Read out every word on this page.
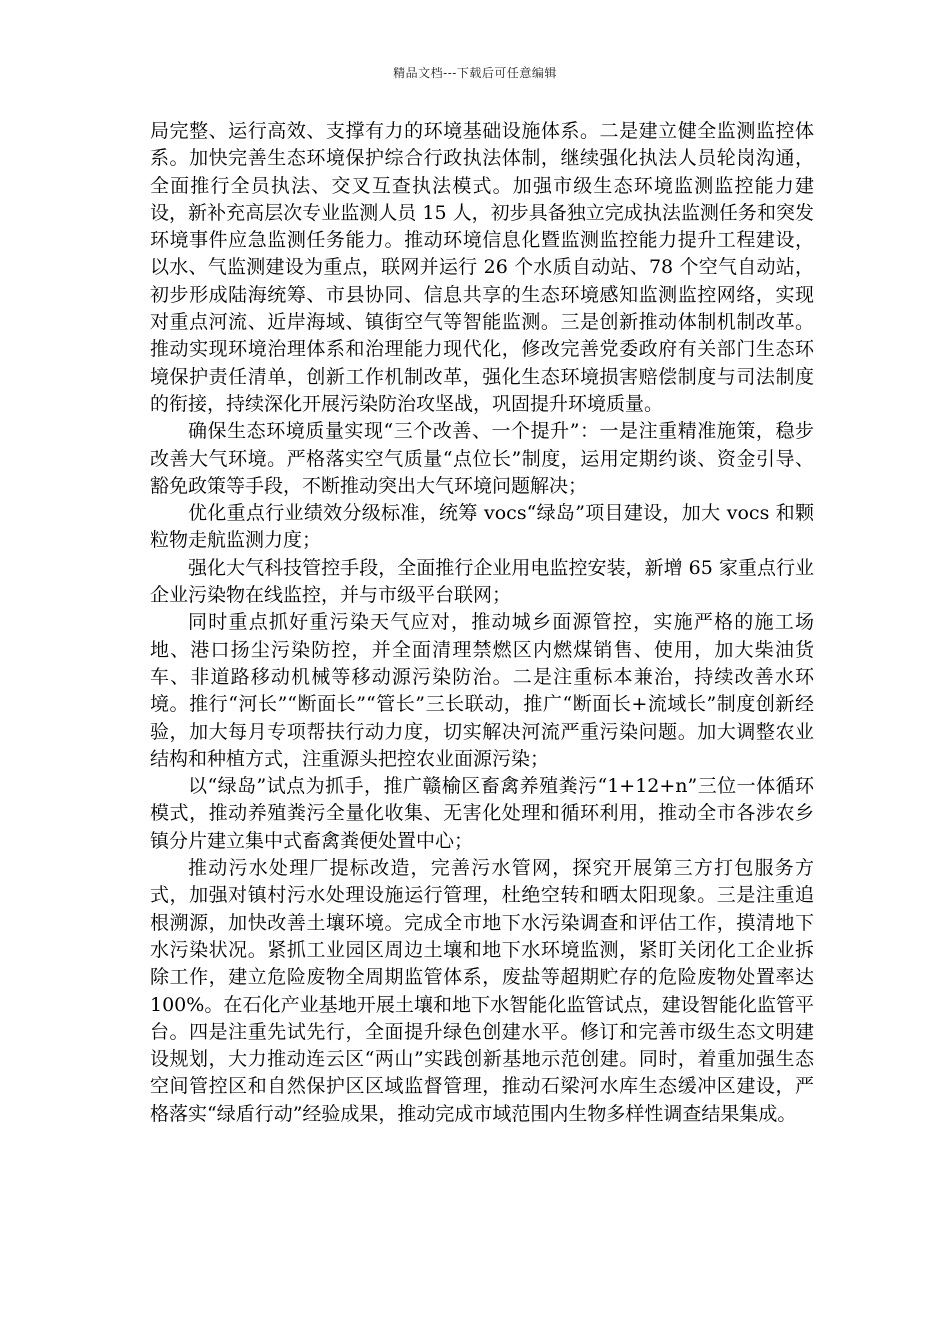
精品文档---下载后可任意编辑

局完整、运行高效、支撑有力的环境基础设施体系。二是建立健全监测监控体系。加快完善生态环境保护综合行政执法体制，继续强化执法人员轮岗沟通，全面推行全员执法、交叉互查执法模式。加强市级生态环境监测监控能力建设，新补充高层次专业监测人员 15 人，初步具备独立完成执法监测任务和突发环境事件应急监测任务能力。推动环境信息化暨监测监控能力提升工程建设，以水、气监测建设为重点，联网并运行 26 个水质自动站、78 个空气自动站，初步形成陆海统筹、市县协同、信息共享的生态环境感知监测监控网络，实现对重点河流、近岸海域、镇街空气等智能监测。三是创新推动体制机制改革。推动实现环境治理体系和治理能力现代化，修改完善党委政府有关部门生态环境保护责任清单，创新工作机制改革，强化生态环境损害赔偿制度与司法制度的衔接，持续深化开展污染防治攻坚战，巩固提升环境质量。

确保生态环境质量实现“三个改善、一个提升”：一是注重精准施策，稳步改善大气环境。严格落实空气质量“点位长”制度，运用定期约谈、资金引导、豁免政策等手段，不断推动突出大气环境问题解决；

优化重点行业绩效分级标准，统筹 vocs“绿岛”项目建设，加大 vocs 和颗粒物走航监测力度；

强化大气科技管控手段，全面推行企业用电监控安装，新增 65 家重点行业企业污染物在线监控，并与市级平台联网；

同时重点抓好重污染天气应对，推动城乡面源管控，实施严格的施工场地、港口扬尘污染防控，并全面清理禁燃区内燃煤销售、使用，加大柴油货车、非道路移动机械等移动源污染防治。二是注重标本兼治，持续改善水环境。推行“河长”“断面长”“管长”三长联动，推广“断面长+流域长”制度创新经验，加大每月专项帮扶行动力度，切实解决河流严重污染问题。加大调整农业结构和种植方式，注重源头把控农业面源污染；

以“绿岛”试点为抓手，推广赣榆区畜禽养殖粪污“1+12+n”三位一体循环模式，推动养殖粪污全量化收集、无害化处理和循环利用，推动全市各涉农乡镇分片建立集中式畜禽粪便处置中心；

推动污水处理厂提标改造，完善污水管网，探究开展第三方打包服务方式，加强对镇村污水处理设施运行管理，杜绝空转和晒太阳现象。三是注重追根溯源，加快改善土壤环境。完成全市地下水污染调查和评估工作，摸清地下水污染状况。紧抓工业园区周边土壤和地下水环境监测，紧盯关闭化工企业拆除工作，建立危险废物全周期监管体系，废盐等超期贮存的危险废物处置率达 100%。在石化产业基地开展土壤和地下水智能化监管试点，建设智能化监管平台。四是注重先试先行，全面提升绿色创建水平。修订和完善市级生态文明建设规划，大力推动连云区“两山”实践创新基地示范创建。同时，着重加强生态空间管控区和自然保护区区域监督管理，推动石梁河水库生态缓冲区建设，严格落实“绿盾行动”经验成果，推动完成市域范围内生物多样性调查结果集成。
